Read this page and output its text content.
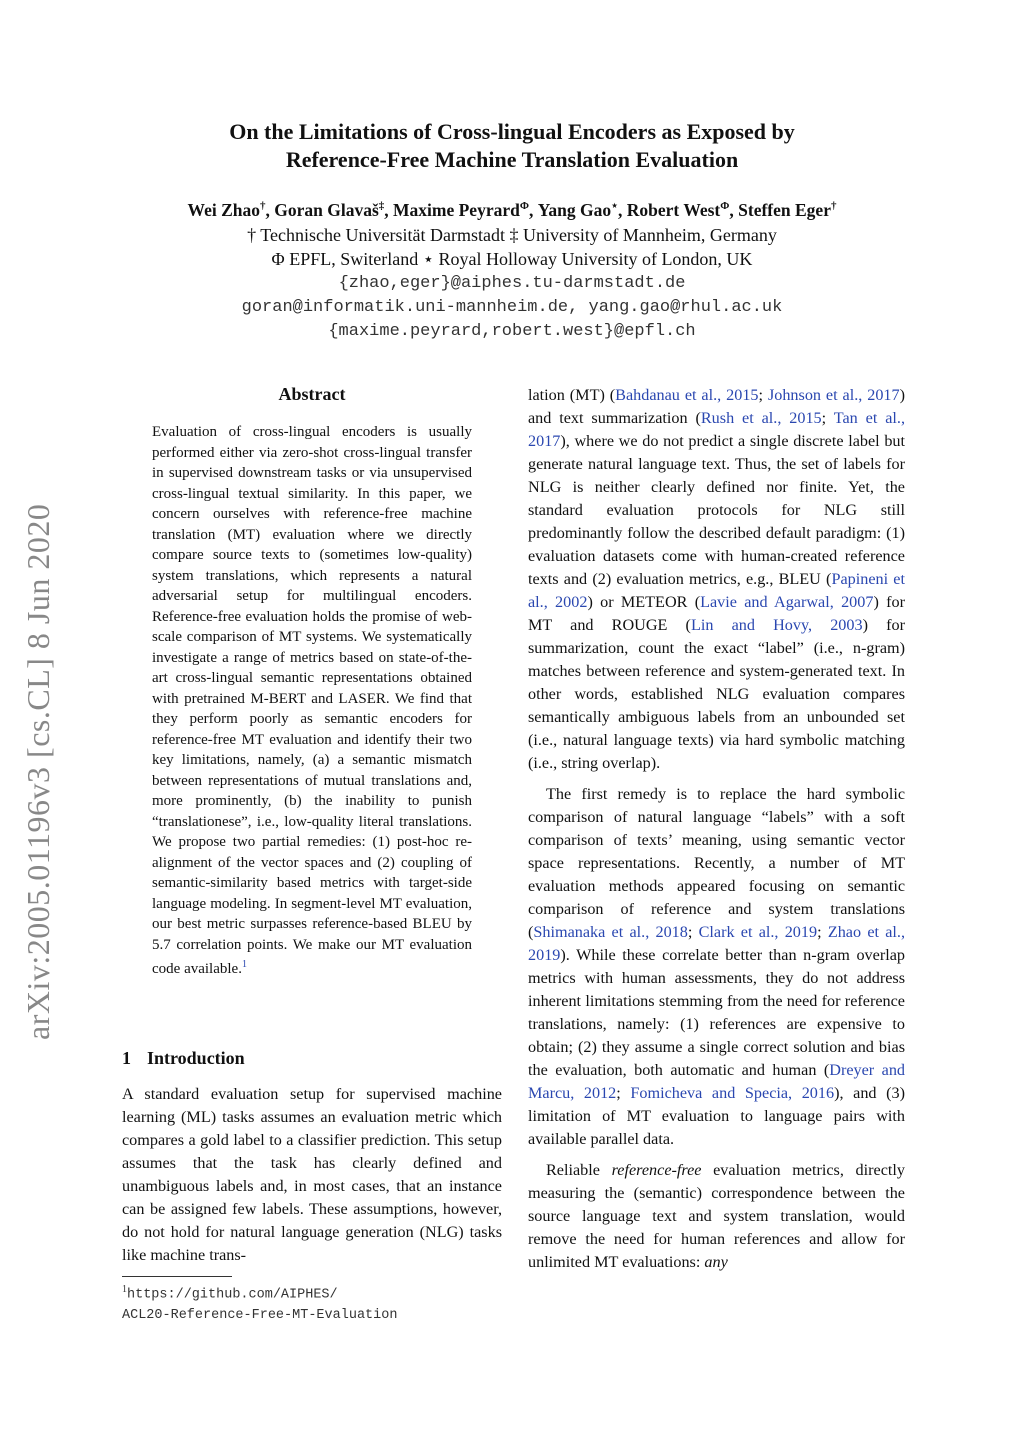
arXiv:2005.01196v3 [cs.CL] 8 Jun 2020
On the Limitations of Cross-lingual Encoders as Exposed by
Reference-Free Machine Translation Evaluation
Wei Zhao†, Goran Glavaš‡, Maxime Peyrard$^\Phi$, Yang Gao⋆, Robert West$^\Phi$, Steffen Eger†
† Technische Universität Darmstadt ‡ University of Mannheim, Germany
Φ EPFL, Switerland ⋆ Royal Holloway University of London, UK
{zhao,eger}@aiphes.tu-darmstadt.de
goran@informatik.uni-mannheim.de, yang.gao@rhul.ac.uk
{maxime.peyrard,robert.west}@epfl.ch
Abstract
Evaluation of cross-lingual encoders is usually performed either via zero-shot cross-lingual transfer in supervised downstream tasks or via unsupervised cross-lingual textual similarity. In this paper, we concern ourselves with reference-free machine translation (MT) evaluation where we directly compare source texts to (sometimes low-quality) system translations, which represents a natural adversarial setup for multilingual encoders. Reference-free evaluation holds the promise of web-scale comparison of MT systems. We systematically investigate a range of metrics based on state-of-the-art cross-lingual semantic representations obtained with pretrained M-BERT and LASER. We find that they perform poorly as semantic encoders for reference-free MT evaluation and identify their two key limitations, namely, (a) a semantic mismatch between representations of mutual translations and, more prominently, (b) the inability to punish “translationese”, i.e., low-quality literal translations. We propose two partial remedies: (1) post-hoc re-alignment of the vector spaces and (2) coupling of semantic-similarity based metrics with target-side language modeling. In segment-level MT evaluation, our best metric surpasses reference-based BLEU by 5.7 correlation points. We make our MT evaluation code available.$^1$
1 Introduction
A standard evaluation setup for supervised machine learning (ML) tasks assumes an evaluation metric which compares a gold label to a classifier prediction. This setup assumes that the task has clearly defined and unambiguous labels and, in most cases, that an instance can be assigned few labels. These assumptions, however, do not hold for natural language generation (NLG) tasks like machine trans-
$^1$https://github.com/AIPHES/
ACL20-Reference-Free-MT-Evaluation

lation (MT) (Bahdanau et al., 2015; Johnson et al., 2017) and text summarization (Rush et al., 2015; Tan et al., 2017), where we do not predict a single discrete label but generate natural language text. Thus, the set of labels for NLG is neither clearly defined nor finite. Yet, the standard evaluation protocols for NLG still predominantly follow the described default paradigm: (1) evaluation datasets come with human-created reference texts and (2) evaluation metrics, e.g., BLEU (Papineni et al., 2002) or METEOR (Lavie and Agarwal, 2007) for MT and ROUGE (Lin and Hovy, 2003) for summarization, count the exact “label” (i.e., n-gram) matches between reference and system-generated text. In other words, established NLG evaluation compares semantically ambiguous labels from an unbounded set (i.e., natural language texts) via hard symbolic matching (i.e., string overlap).

The first remedy is to replace the hard symbolic comparison of natural language “labels” with a soft comparison of texts’ meaning, using semantic vector space representations. Recently, a number of MT evaluation methods appeared focusing on semantic comparison of reference and system translations (Shimanaka et al., 2018; Clark et al., 2019; Zhao et al., 2019). While these correlate better than n-gram overlap metrics with human assessments, they do not address inherent limitations stemming from the need for reference translations, namely: (1) references are expensive to obtain; (2) they assume a single correct solution and bias the evaluation, both automatic and human (Dreyer and Marcu, 2012; Fomicheva and Specia, 2016), and (3) limitation of MT evaluation to language pairs with available parallel data.

Reliable reference-free evaluation metrics, directly measuring the (semantic) correspondence between the source language text and system translation, would remove the need for human references and allow for unlimited MT evaluations: any
